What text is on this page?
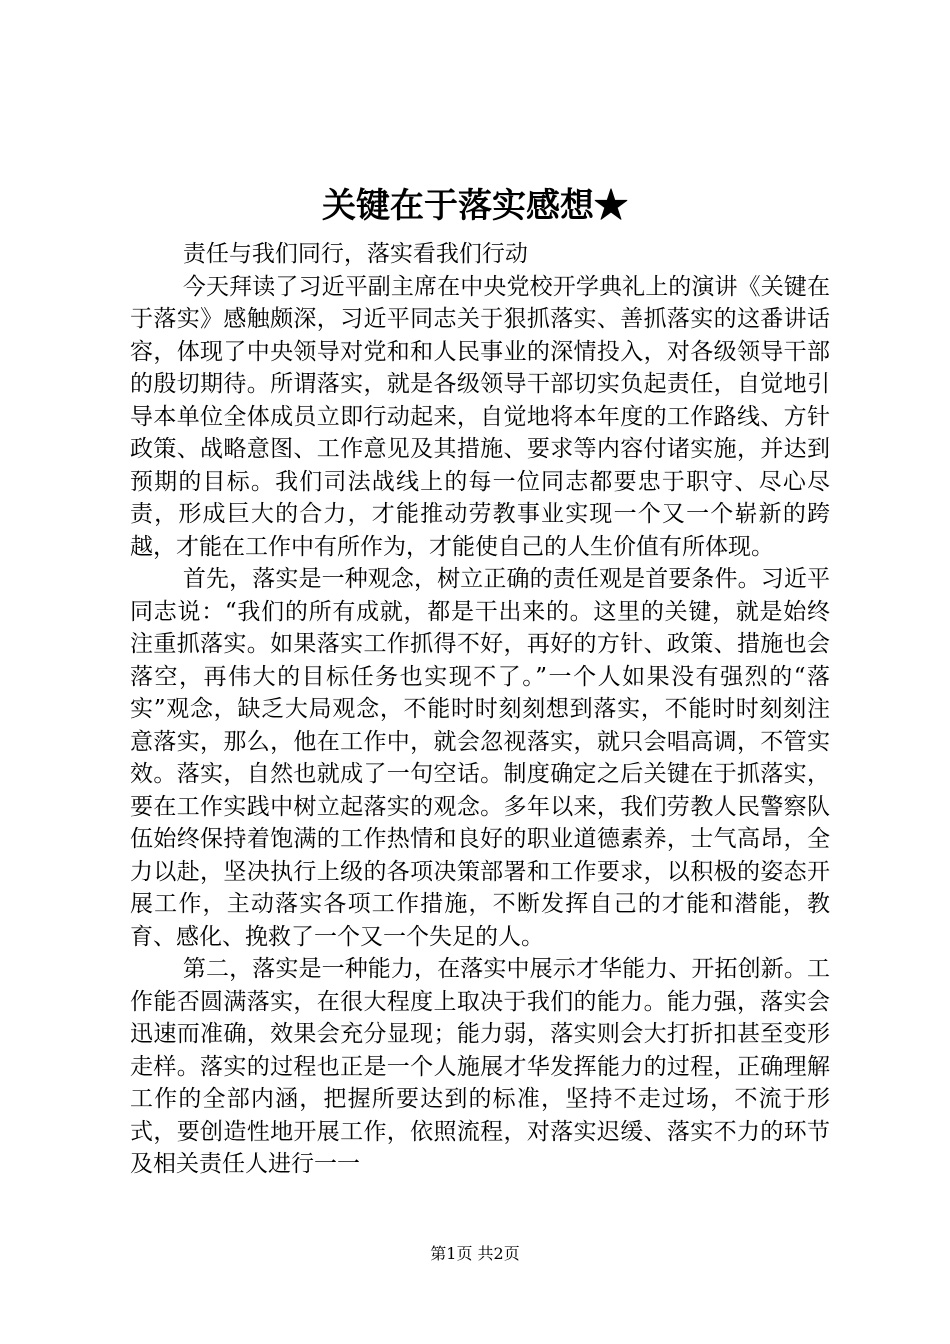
关键在于落实感想★

责任与我们同行，落实看我们行动

今天拜读了习近平副主席在中央党校开学典礼上的演讲《关键在于落实》感触颇深，习近平同志关于狠抓落实、善抓落实的这番讲话容，体现了中央领导对党和和人民事业的深情投入，对各级领导干部的殷切期待。所谓落实，就是各级领导干部切实负起责任，自觉地引导本单位全体成员立即行动起来，自觉地将本年度的工作路线、方针政策、战略意图、工作意见及其措施、要求等内容付诸实施，并达到预期的目标。我们司法战线上的每一位同志都要忠于职守、尽心尽责，形成巨大的合力，才能推动劳教事业实现一个又一个崭新的跨越，才能在工作中有所作为，才能使自己的人生价值有所体现。

首先，落实是一种观念，树立正确的责任观是首要条件。习近平同志说：“我们的所有成就，都是干出来的。这里的关键，就是始终注重抓落实。如果落实工作抓得不好，再好的方针、政策、措施也会落空，再伟大的目标任务也实现不了。”一个人如果没有强烈的“落实”观念，缺乏大局观念，不能时时刻刻想到落实，不能时时刻刻注意落实，那么，他在工作中，就会忽视落实，就只会唱高调，不管实效。落实，自然也就成了一句空话。制度确定之后关键在于抓落实，要在工作实践中树立起落实的观念。多年以来，我们劳教人民警察队伍始终保持着饱满的工作热情和良好的职业道德素养，士气高昂，全力以赴，坚决执行上级的各项决策部署和工作要求，以积极的姿态开展工作，主动落实各项工作措施，不断发挥自己的才能和潜能，教育、感化、挽救了一个又一个失足的人。

第二，落实是一种能力，在落实中展示才华能力、开拓创新。工作能否圆满落实，在很大程度上取决于我们的能力。能力强，落实会迅速而准确，效果会充分显现；能力弱，落实则会大打折扣甚至变形走样。落实的过程也正是一个人施展才华发挥能力的过程，正确理解工作的全部内涵，把握所要达到的标准，坚持不走过场，不流于形式，要创造性地开展工作，依照流程，对落实迟缓、落实不力的环节及相关责任人进行一一

第1页 共2页
